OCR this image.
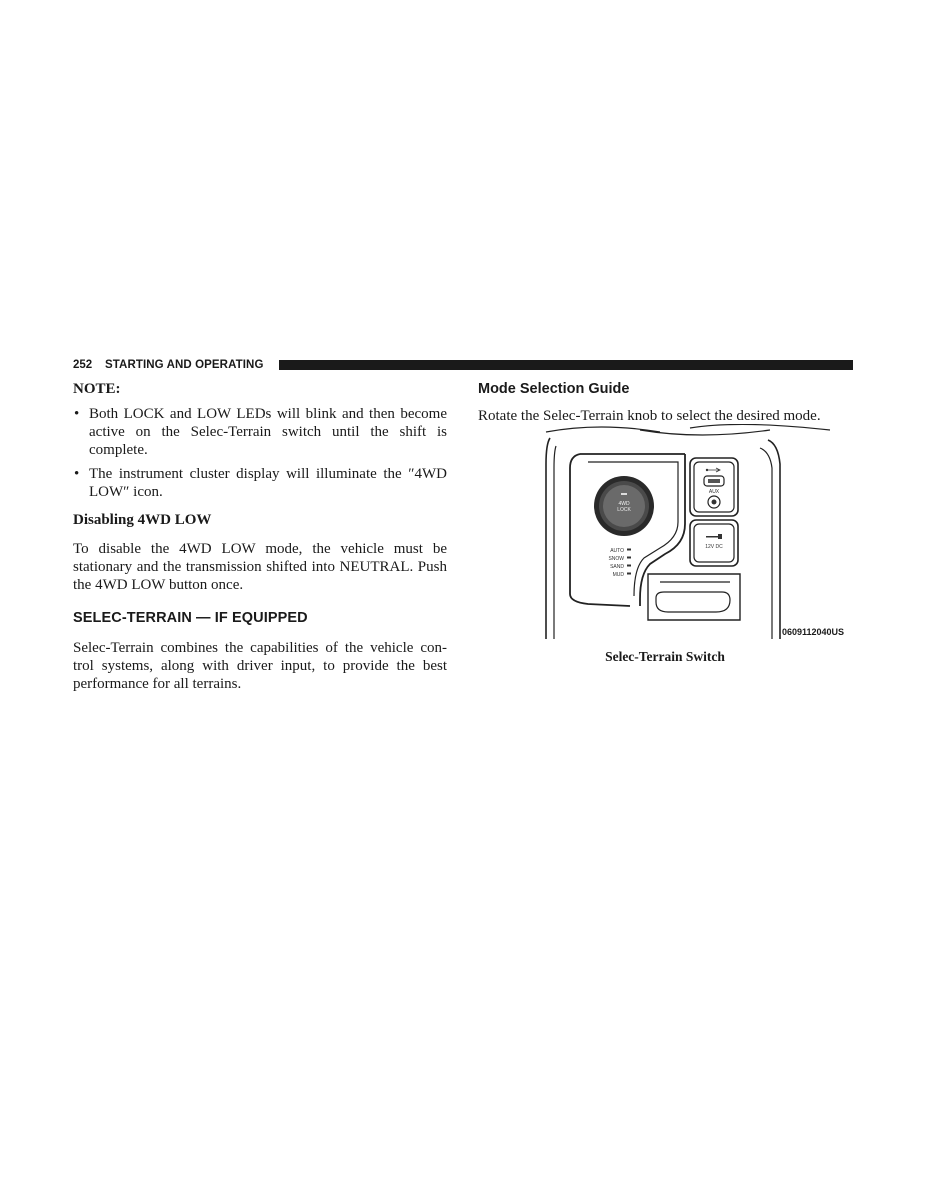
252 STARTING AND OPERATING
NOTE:
• Both LOCK and LOW LEDs will blink and then become active on the Selec-Terrain switch until the shift is complete.
• The instrument cluster display will illuminate the ″4WD LOW″ icon.
Disabling 4WD LOW

To disable the 4WD LOW mode, the vehicle must be stationary and the transmission shifted into NEUTRAL. Push the 4WD LOW button once.

SELEC-TERRAIN — IF EQUIPPED

Selec-Terrain combines the capabilities of the vehicle con- trol systems, along with driver input, to provide the best performance for all terrains.

Mode Selection Guide

Rotate the Selec-Terrain knob to select the desired mode.

4WD
LOCK
AUTO
SNOW
SAND
MUD
AUX
12V DC
0609112040US
Selec-Terrain Switch
